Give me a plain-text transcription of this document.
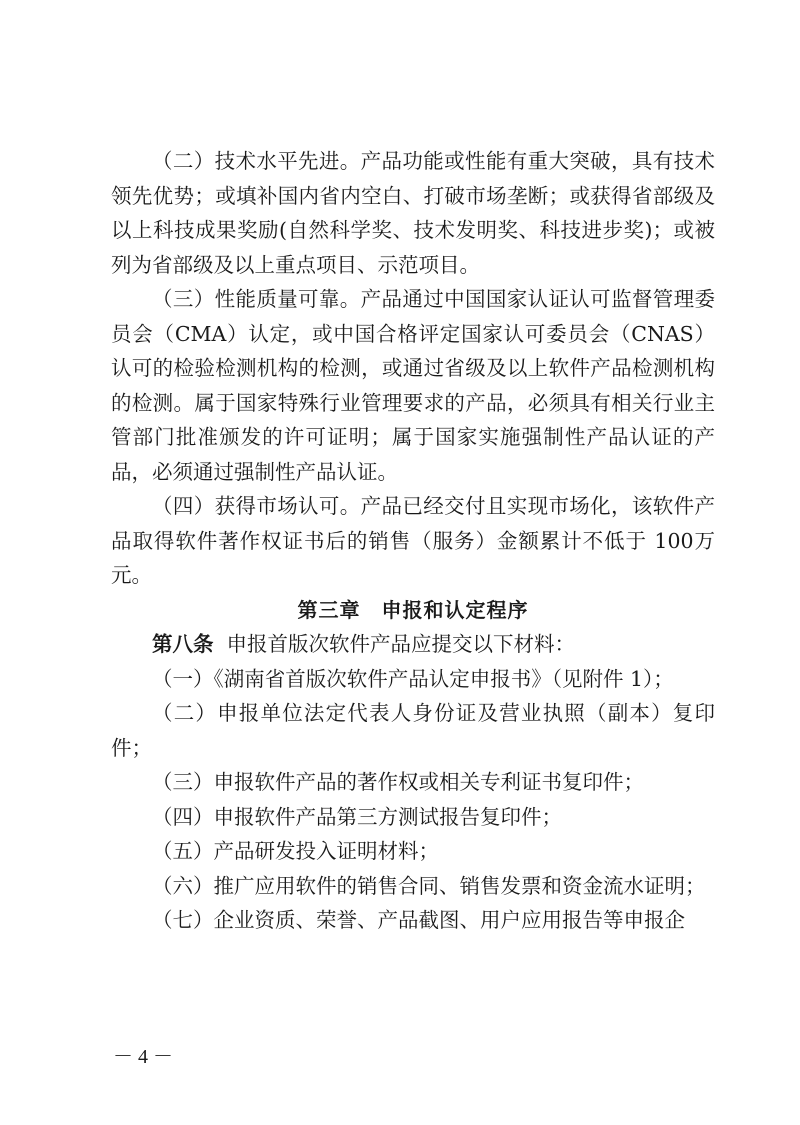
（二）技术水平先进。产品功能或性能有重大突破，具有技术领先优势；或填补国内省内空白、打破市场垄断；或获得省部级及以上科技成果奖励(自然科学奖、技术发明奖、科技进步奖)；或被列为省部级及以上重点项目、示范项目。

（三）性能质量可靠。产品通过中国国家认证认可监督管理委员会（CMA）认定，或中国合格评定国家认可委员会（CNAS）认可的检验检测机构的检测，或通过省级及以上软件产品检测机构的检测。属于国家特殊行业管理要求的产品，必须具有相关行业主管部门批准颁发的许可证明；属于国家实施强制性产品认证的产品，必须通过强制性产品认证。

（四）获得市场认可。产品已经交付且实现市场化，该软件产品取得软件著作权证书后的销售（服务）金额累计不低于 100万元。

第三章　申报和认定程序

第八条 申报首版次软件产品应提交以下材料：

（一）《湖南省首版次软件产品认定申报书》（见附件 1）；

（二）申报单位法定代表人身份证及营业执照（副本）复印件；

（三）申报软件产品的著作权或相关专利证书复印件；

（四）申报软件产品第三方测试报告复印件；

（五）产品研发投入证明材料；

（六）推广应用软件的销售合同、销售发票和资金流水证明；

（七）企业资质、荣誉、产品截图、用户应用报告等申报企

－ 4 －
